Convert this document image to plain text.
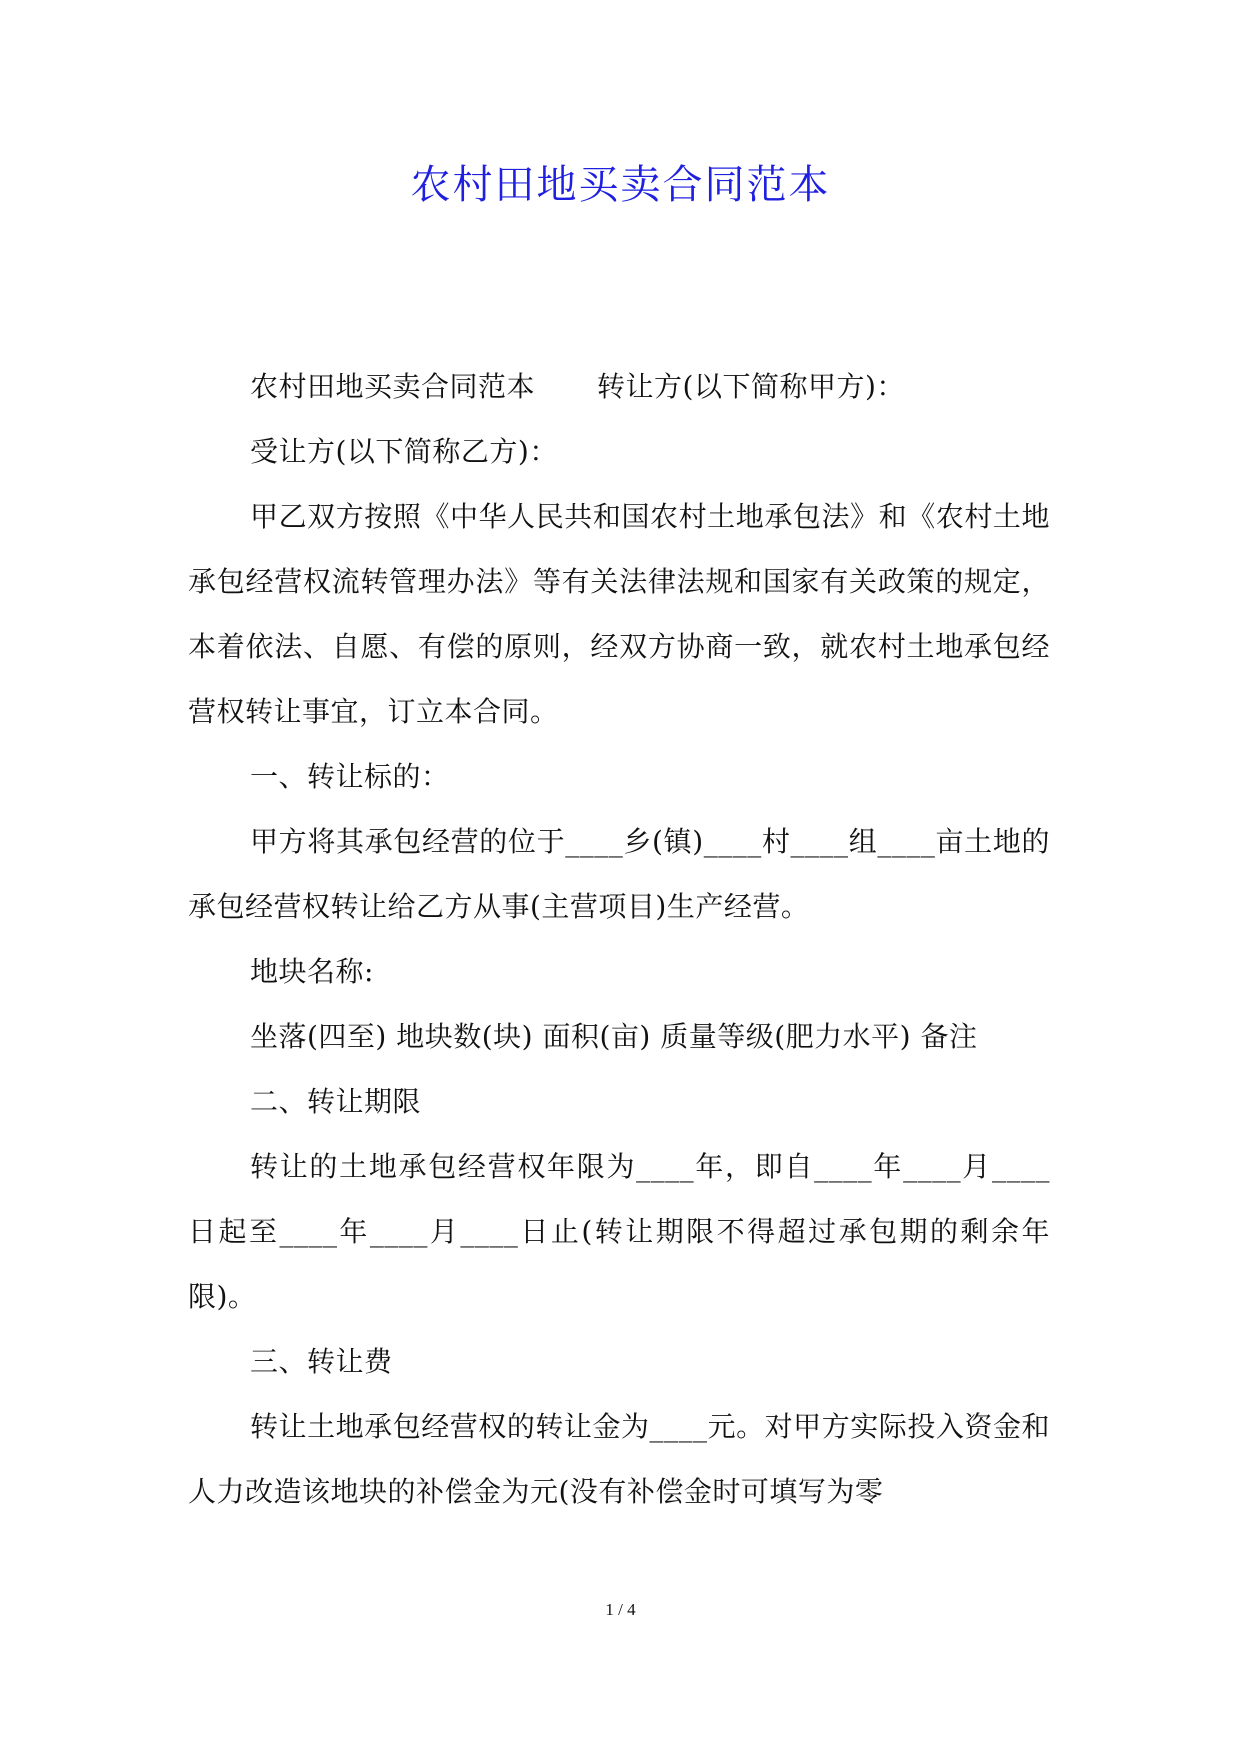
农村田地买卖合同范本

农村田地买卖合同范本 转让方(以下简称甲方)：

受让方(以下简称乙方)：

甲乙双方按照《中华人民共和国农村土地承包法》和《农村土地承包经营权流转管理办法》等有关法律法规和国家有关政策的规定，本着依法、自愿、有偿的原则，经双方协商一致，就农村土地承包经营权转让事宜，订立本合同。

一、转让标的：

甲方将其承包经营的位于____乡(镇)____村____组____亩土地的承包经营权转让给乙方从事(主营项目)生产经营。

地块名称:

坐落(四至) 地块数(块) 面积(亩) 质量等级(肥力水平) 备注

二、转让期限

转让的土地承包经营权年限为____年，即自____年____月____日起至____年____月____日止(转让期限不得超过承包期的剩余年限)。

三、转让费

转让土地承包经营权的转让金为____元。对甲方实际投入资金和人力改造该地块的补偿金为元(没有补偿金时可填写为零

1 / 4
